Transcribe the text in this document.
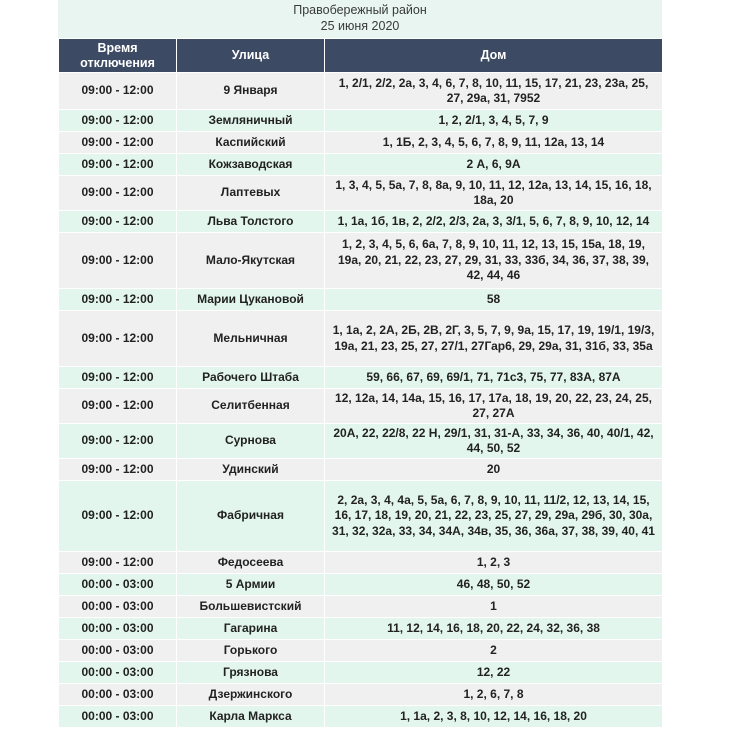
Правобережный район
25 июня 2020
Время отключения	Улица	Дом
09:00 - 12:00	9 Января	1, 2/1, 2/2, 2а, 3, 4, 6, 7, 8, 10, 11, 15, 17, 21, 23, 23а, 25, 27, 29а, 31, 7952
09:00 - 12:00	Земляничный	1, 2, 2/1, 3, 4, 5, 7, 9
09:00 - 12:00	Каспийский	1, 1Б, 2, 3, 4, 5, 6, 7, 8, 9, 11, 12а, 13, 14
09:00 - 12:00	Кожзаводская	2 А, 6, 9А
09:00 - 12:00	Лаптевых	1, 3, 4, 5, 5а, 7, 8, 8а, 9, 10, 11, 12, 12а, 13, 14, 15, 16, 18, 18а, 20
09:00 - 12:00	Льва Толстого	1, 1а, 1б, 1в, 2, 2/2, 2/3, 2а, 3, 3/1, 5, 6, 7, 8, 9, 10, 12, 14
09:00 - 12:00	Мало-Якутская	1, 2, 3, 4, 5, 6, 6а, 7, 8, 9, 10, 11, 12, 13, 15, 15а, 18, 19, 19а, 20, 21, 22, 23, 27, 29, 31, 33, 33б, 34, 36, 37, 38, 39, 42, 44, 46
09:00 - 12:00	Марии Цукановой	58
09:00 - 12:00	Мельничная	1, 1а, 2, 2А, 2Б, 2В, 2Г, 3, 5, 7, 9, 9а, 15, 17, 19, 19/1, 19/3, 19а, 21, 23, 25, 27, 27/1, 27Гар6, 29, 29а, 31, 31б, 33, 35а
09:00 - 12:00	Рабочего Штаба	59, 66, 67, 69, 69/1, 71, 71с3, 75, 77, 83А, 87А
09:00 - 12:00	Селитбенная	12, 12а, 14, 14а, 15, 16, 17, 17а, 18, 19, 20, 22, 23, 24, 25, 27, 27А
09:00 - 12:00	Сурнова	20А, 22, 22/8, 22 Н, 29/1, 31, 31-А, 33, 34, 36, 40, 40/1, 42, 44, 50, 52
09:00 - 12:00	Удинский	20
09:00 - 12:00	Фабричная	2, 2а, 3, 4, 4а, 5, 5а, 6, 7, 8, 9, 10, 11, 11/2, 12, 13, 14, 15, 16, 17, 18, 19, 20, 21, 22, 23, 25, 27, 29, 29а, 29б, 30, 30а, 31, 32, 32а, 33, 34, 34А, 34в, 35, 36, 36а, 37, 38, 39, 40, 41
09:00 - 12:00	Федосеева	1, 2, 3
00:00 - 03:00	5 Армии	46, 48, 50, 52
00:00 - 03:00	Большевистский	1
00:00 - 03:00	Гагарина	11, 12, 14, 16, 18, 20, 22, 24, 32, 36, 38
00:00 - 03:00	Горького	2
00:00 - 03:00	Грязнова	12, 22
00:00 - 03:00	Дзержинского	1, 2, 6, 7, 8
00:00 - 03:00	Карла Маркса	1, 1а, 2, 3, 8, 10, 12, 14, 16, 18, 20
